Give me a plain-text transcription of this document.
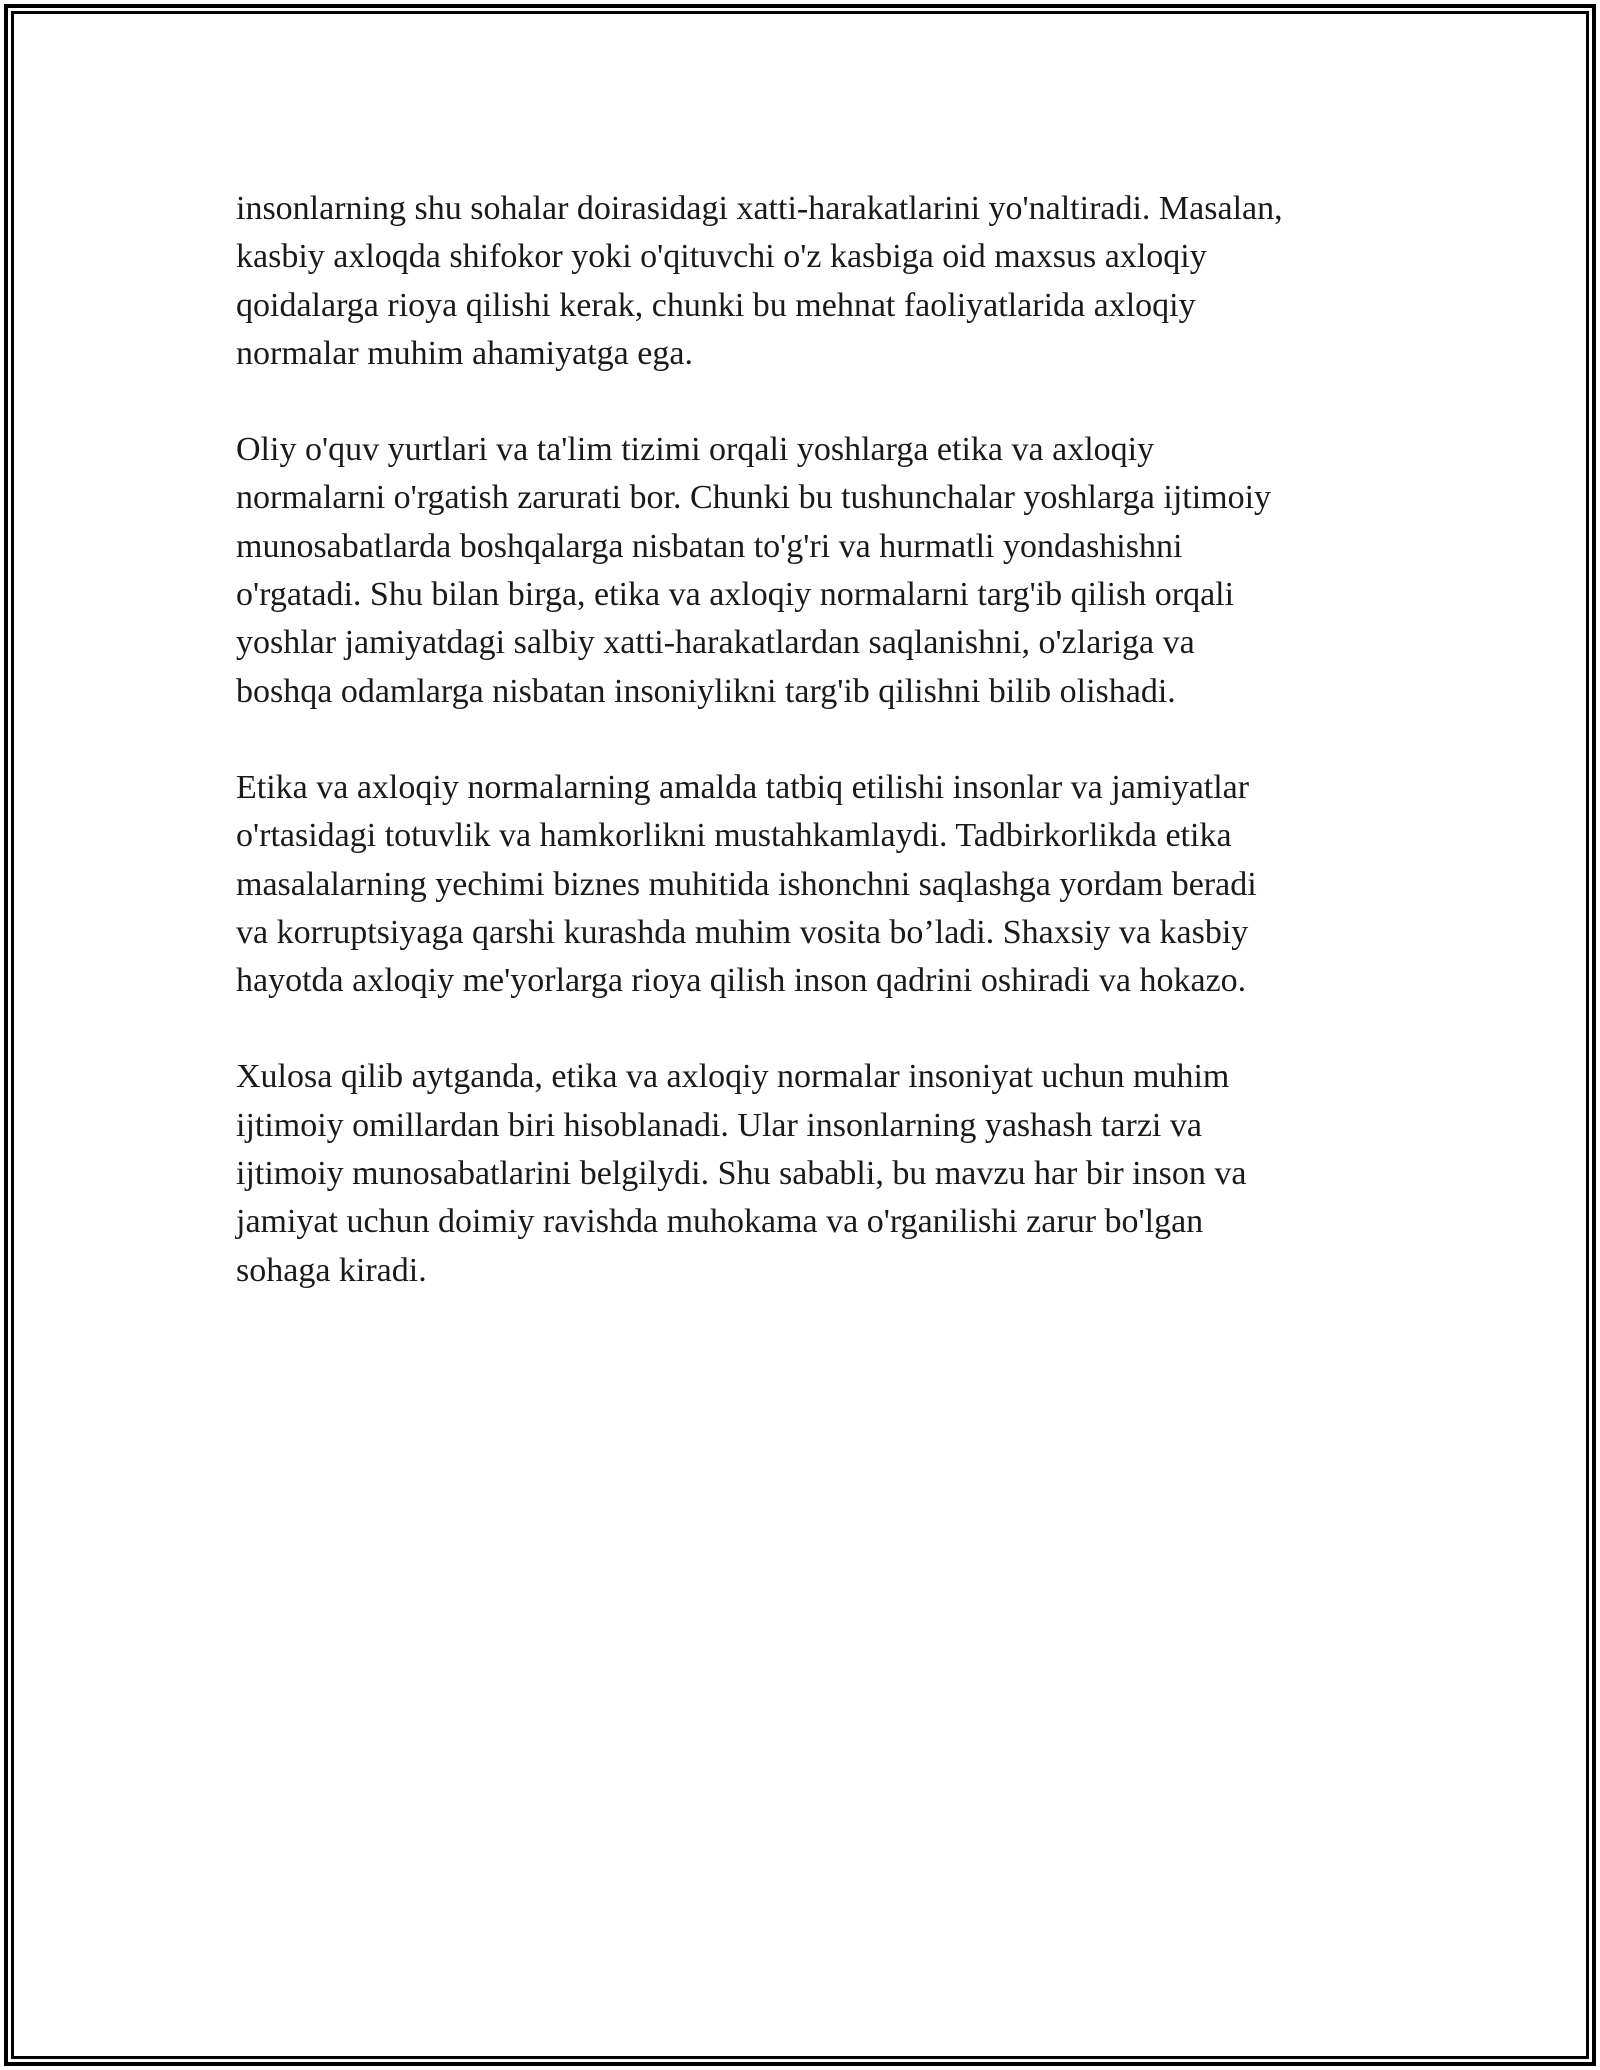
insonlarning shu sohalar doirasidagi xatti-harakatlarini yo'naltiradi. Masalan,
kasbiy axloqda shifokor yoki o'qituvchi o'z kasbiga oid maxsus axloqiy
qoidalarga rioya qilishi kerak, chunki bu mehnat faoliyatlarida axloqiy
normalar muhim ahamiyatga ega.

Oliy o'quv yurtlari va ta'lim tizimi orqali yoshlarga etika va axloqiy
normalarni o'rgatish zarurati bor. Chunki bu tushunchalar yoshlarga ijtimoiy
munosabatlarda boshqalarga nisbatan to'g'ri va hurmatli yondashishni
o'rgatadi. Shu bilan birga, etika va axloqiy normalarni targ'ib qilish orqali
yoshlar jamiyatdagi salbiy xatti-harakatlardan saqlanishni, o'zlariga va
boshqa odamlarga nisbatan insoniylikni targ'ib qilishni bilib olishadi.

Etika va axloqiy normalarning amalda tatbiq etilishi insonlar va jamiyatlar
o'rtasidagi totuvlik va hamkorlikni mustahkamlaydi. Tadbirkorlikda etika
masalalarning yechimi biznes muhitida ishonchni saqlashga yordam beradi
va korruptsiyaga qarshi kurashda muhim vosita bo’ladi. Shaxsiy va kasbiy
hayotda axloqiy me'yorlarga rioya qilish inson qadrini oshiradi va hokazo.

Xulosa qilib aytganda, etika va axloqiy normalar insoniyat uchun muhim
ijtimoiy omillardan biri hisoblanadi. Ular insonlarning yashash tarzi va
ijtimoiy munosabatlarini belgilydi. Shu sababli, bu mavzu har bir inson va
jamiyat uchun doimiy ravishda muhokama va o'rganilishi zarur bo'lgan
sohaga kiradi.
